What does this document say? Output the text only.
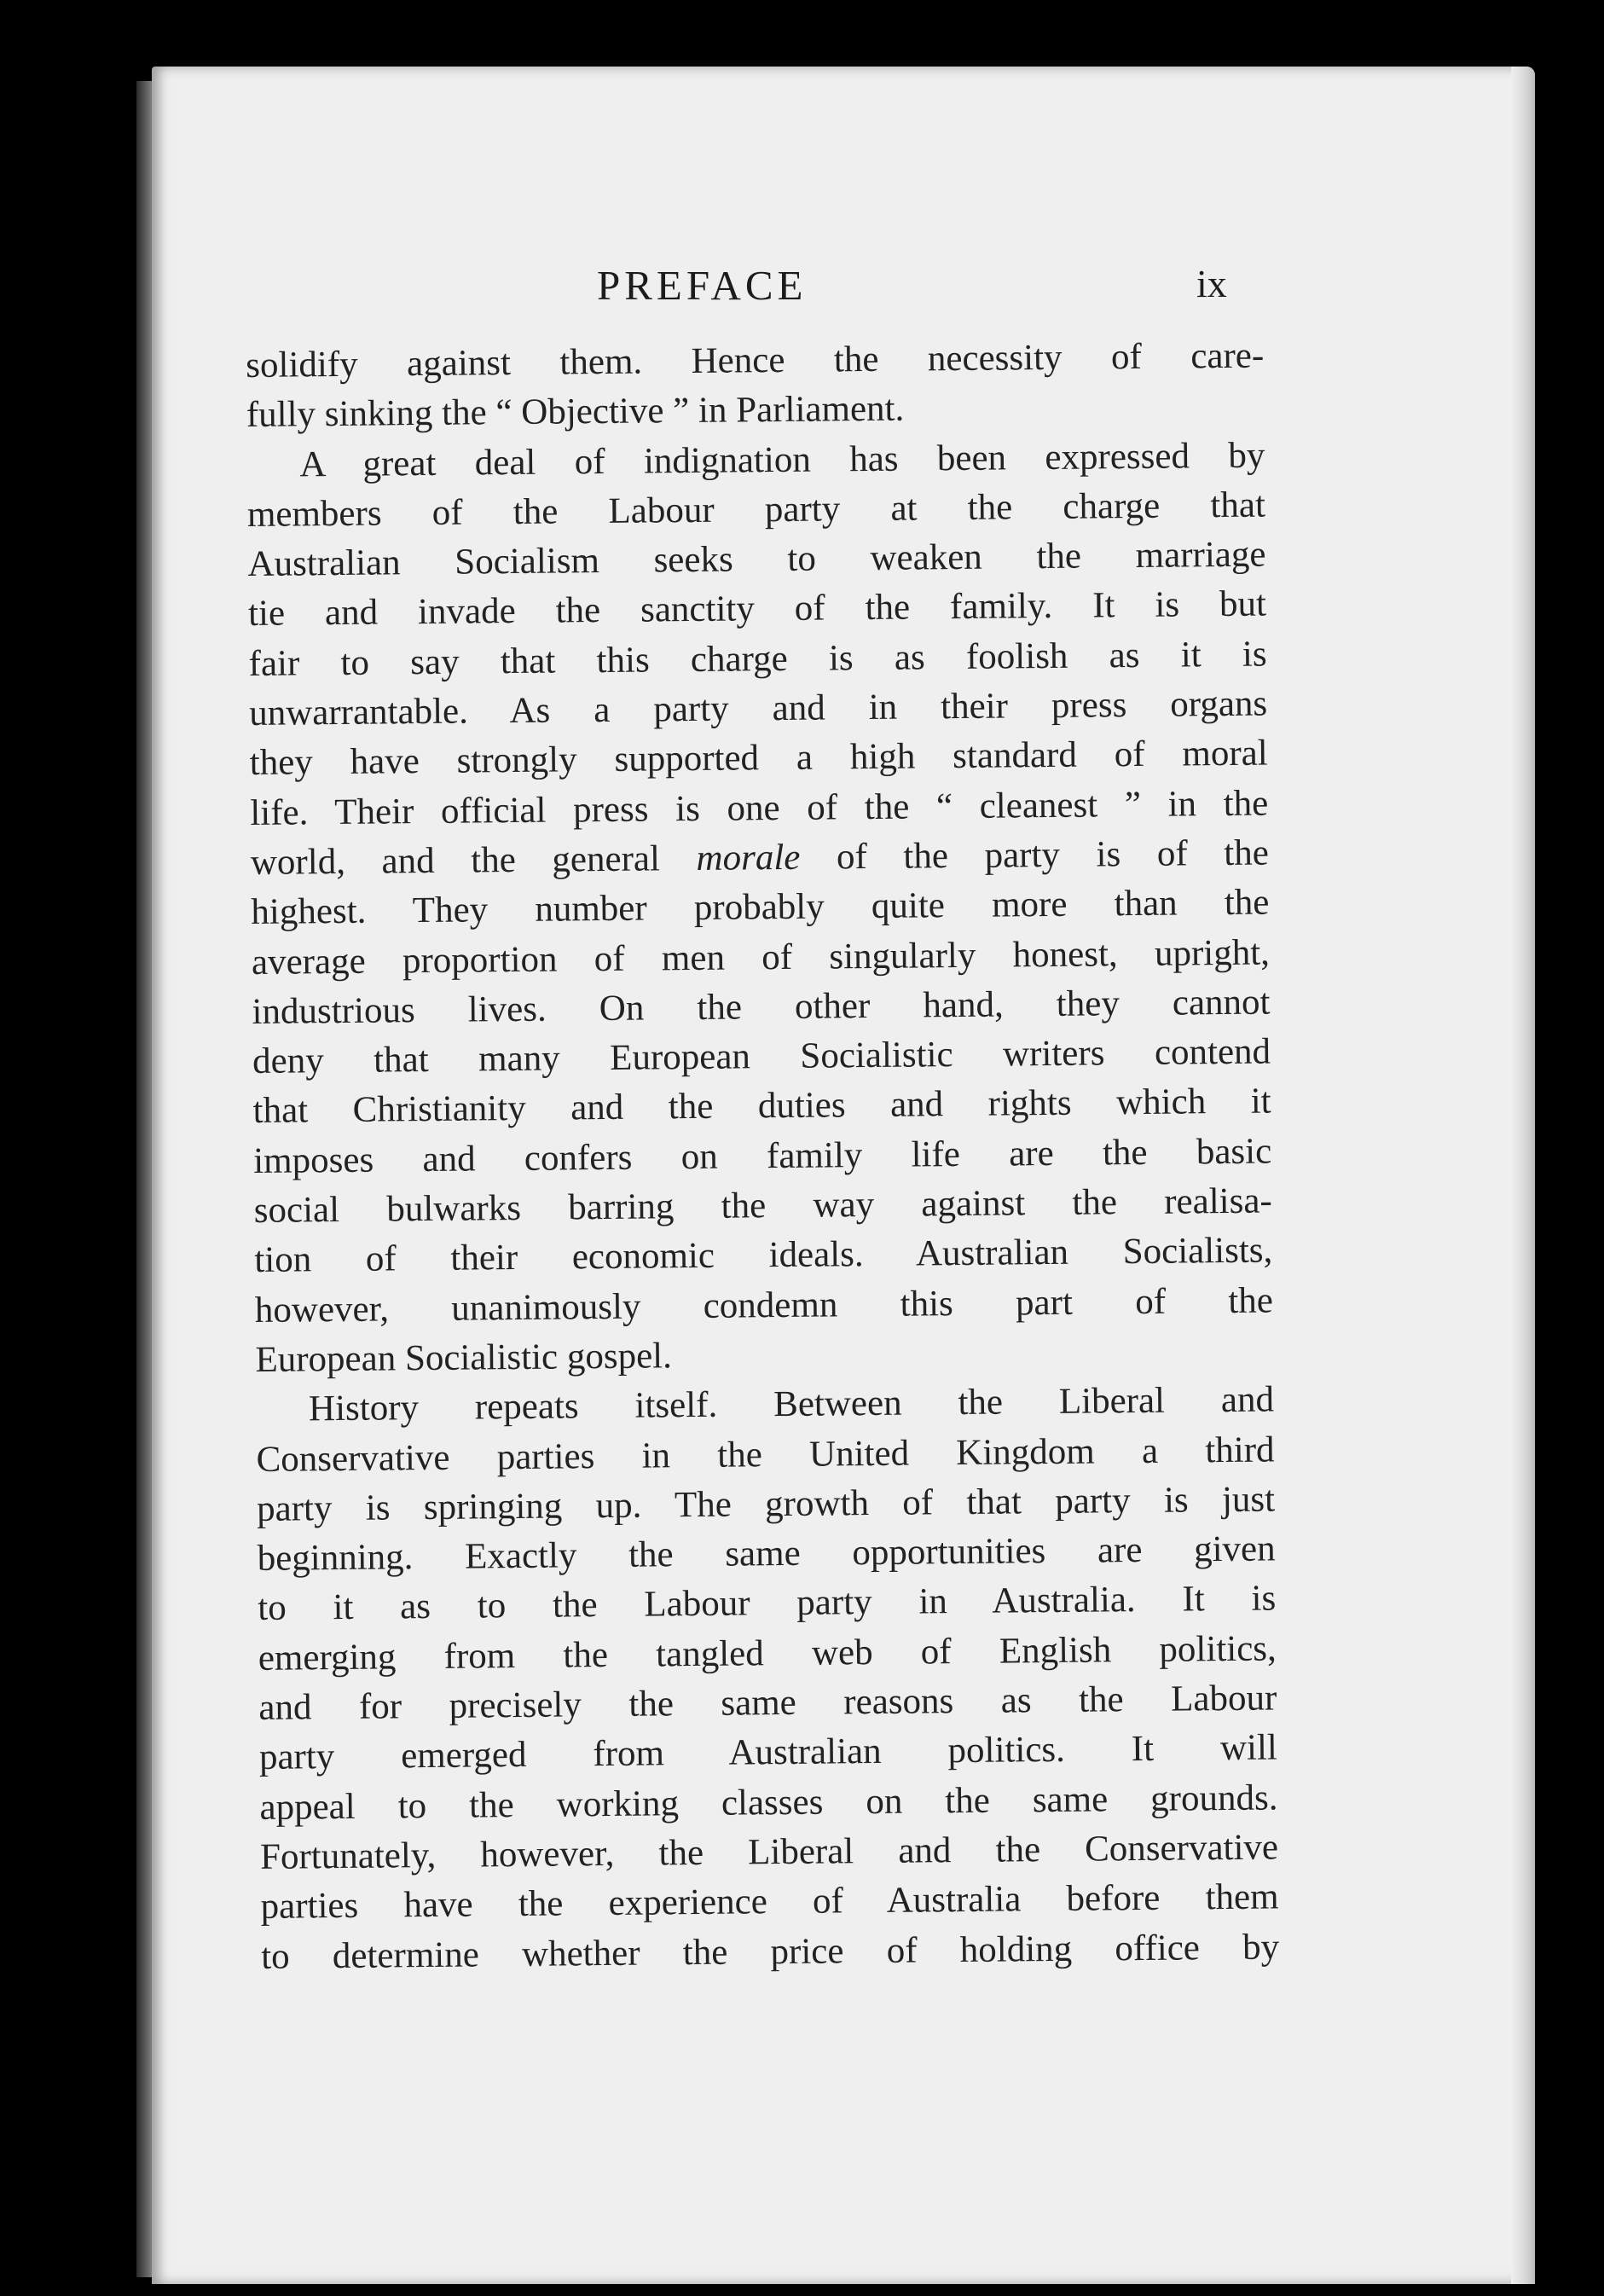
PREFACE	ix
solidify against them. Hence the necessity of care-
fully sinking the “ Objective ” in Parliament.
A great deal of indignation has been expressed by
members of the Labour party at the charge that
Australian Socialism seeks to weaken the marriage
tie and invade the sanctity of the family. It is but
fair to say that this charge is as foolish as it is
unwarrantable. As a party and in their press organs
they have strongly supported a high standard of moral
life. Their official press is one of the “ cleanest ” in the
world, and the general morale of the party is of the
highest. They number probably quite more than the
average proportion of men of singularly honest, upright,
industrious lives. On the other hand, they cannot
deny that many European Socialistic writers contend
that Christianity and the duties and rights which it
imposes and confers on family life are the basic
social bulwarks barring the way against the realisa-
tion of their economic ideals. Australian Socialists,
however, unanimously condemn this part of the
European Socialistic gospel.
History repeats itself. Between the Liberal and
Conservative parties in the United Kingdom a third
party is springing up. The growth of that party is just
beginning. Exactly the same opportunities are given
to it as to the Labour party in Australia. It is
emerging from the tangled web of English politics,
and for precisely the same reasons as the Labour
party emerged from Australian politics. It will
appeal to the working classes on the same grounds.
Fortunately, however, the Liberal and the Conservative
parties have the experience of Australia before them
to determine whether the price of holding office by
